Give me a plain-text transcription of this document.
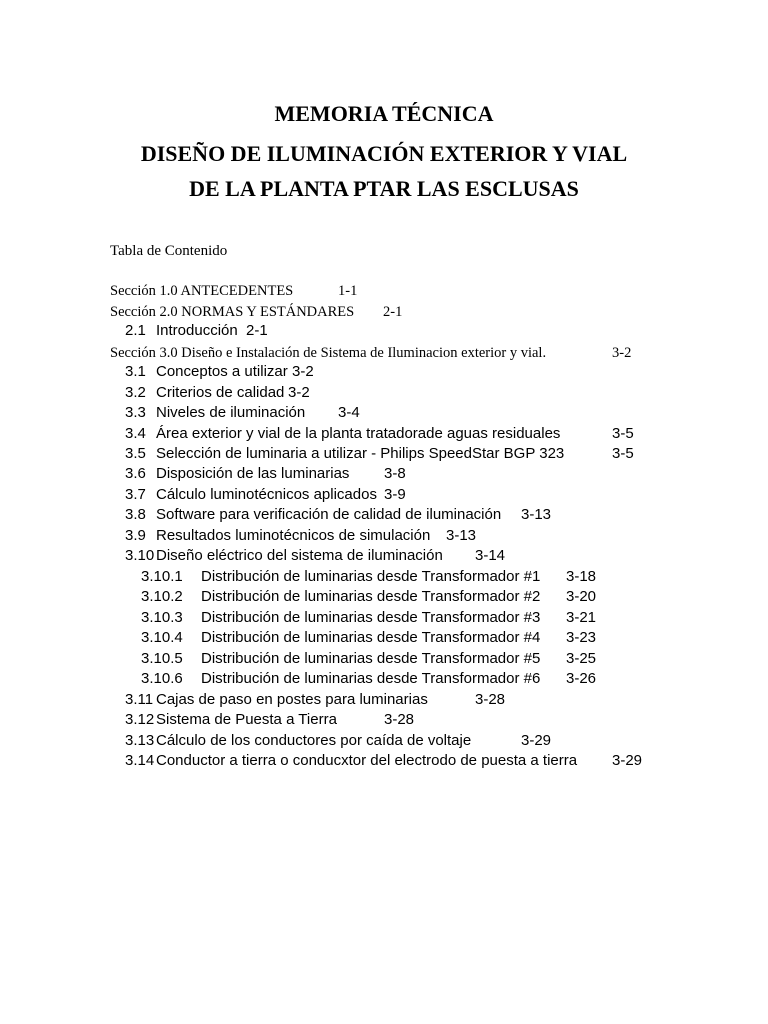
MEMORIA TÉCNICA
DISEÑO DE ILUMINACIÓN EXTERIOR Y VIAL
DE LA PLANTA PTAR LAS ESCLUSAS
Tabla de Contenido
Sección 1.0 ANTECEDENTES	1-1
Sección 2.0 NORMAS Y ESTÁNDARES 2-1
2.1 Introducción 2-1
Sección 3.0 Diseño e Instalación de Sistema de Iluminacion exterior y vial.	3-2
3.1 Conceptos a utilizar 3-2
3.2 Criterios de calidad 3-2
3.3 Niveles de iluminación 3-4
3.4 Área exterior y vial de la planta tratadorade aguas residuales	3-5
3.5 Selección de luminaria a utilizar - Philips SpeedStar BGP 323	3-5
3.6 Disposición de las luminarias 3-8
3.7 Cálculo luminotécnicos aplicados 3-9
3.8 Software para verificación de calidad de iluminación 3-13
3.9 Resultados luminotécnicos de simulación 3-13
3.10 Diseño eléctrico del sistema de iluminación 3-14
3.10.1 Distribución de luminarias desde Transformador #1 3-18
3.10.2 Distribución de luminarias desde Transformador #2 3-20
3.10.3 Distribución de luminarias desde Transformador #3 3-21
3.10.4 Distribución de luminarias desde Transformador #4 3-23
3.10.5 Distribución de luminarias desde Transformador #5 3-25
3.10.6 Distribución de luminarias desde Transformador #6 3-26
3.11 Cajas de paso en postes para luminarias	3-28
3.12 Sistema de Puesta a Tierra	3-28
3.13 Cálculo de los conductores por caída de voltaje	3-29
3.14 Conductor a tierra o conducxtor del electrodo de puesta a tierra 3-29
